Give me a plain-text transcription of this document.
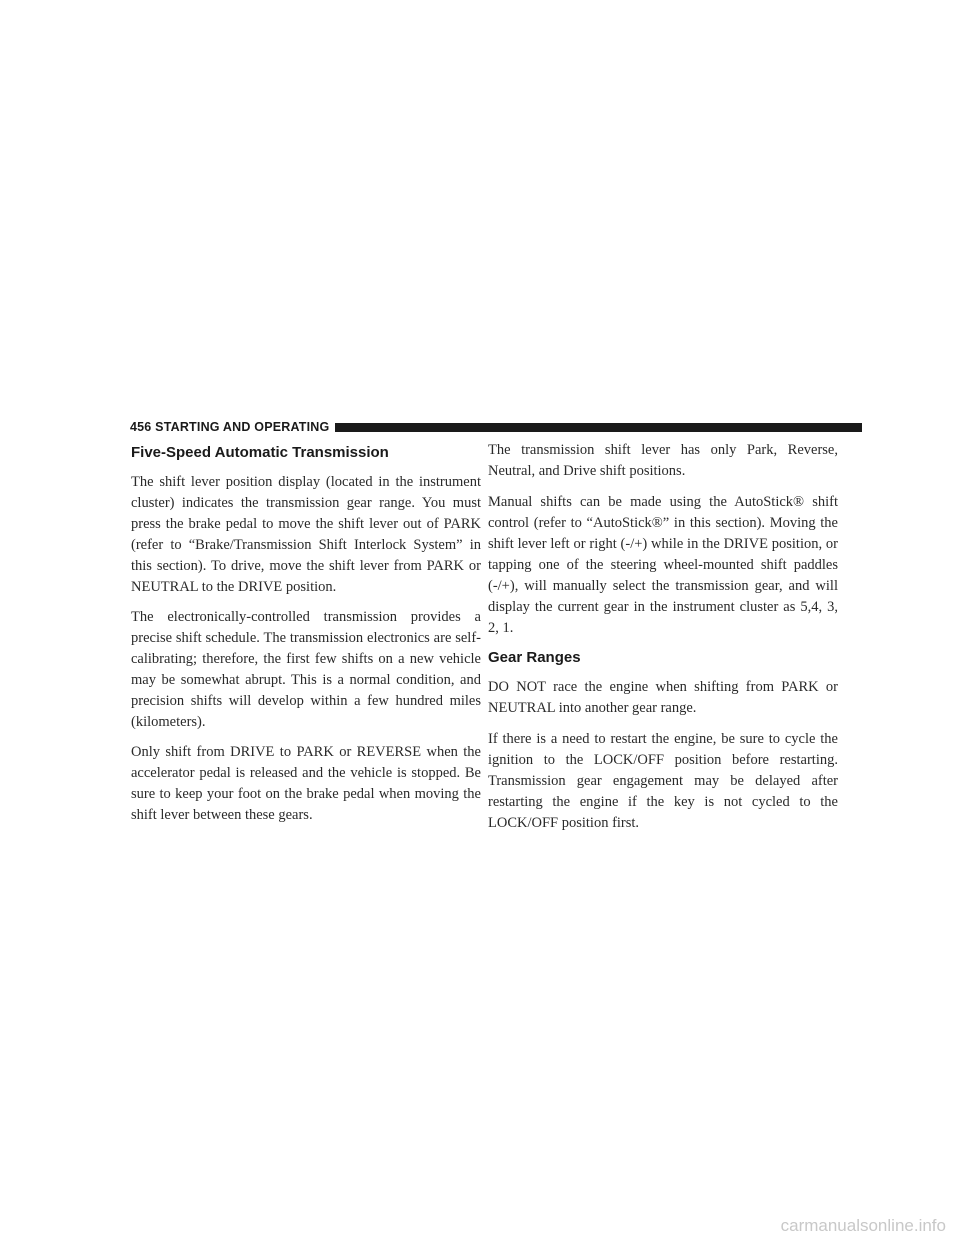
456 STARTING AND OPERATING
Five-Speed Automatic Transmission

The shift lever position display (located in the instrument cluster) indicates the transmission gear range. You must press the brake pedal to move the shift lever out of PARK (refer to “Brake/Transmission Shift Interlock System” in this section). To drive, move the shift lever from PARK or NEUTRAL to the DRIVE position.

The electronically-controlled transmission provides a precise shift schedule. The transmission electronics are self-calibrating; therefore, the first few shifts on a new vehicle may be somewhat abrupt. This is a normal condition, and precision shifts will develop within a few hundred miles (kilometers).

Only shift from DRIVE to PARK or REVERSE when the accelerator pedal is released and the vehicle is stopped. Be sure to keep your foot on the brake pedal when moving the shift lever between these gears.

The transmission shift lever has only Park, Reverse, Neutral, and Drive shift positions.

Manual shifts can be made using the AutoStick® shift control (refer to “AutoStick®” in this section). Moving the shift lever left or right (-/+) while in the DRIVE position, or tapping one of the steering wheel-mounted shift paddles (-/+), will manually select the transmission gear, and will display the current gear in the instrument cluster as 5,4, 3, 2, 1.

Gear Ranges

DO NOT race the engine when shifting from PARK or NEUTRAL into another gear range.

If there is a need to restart the engine, be sure to cycle the ignition to the LOCK/OFF position before restarting. Transmission gear engagement may be delayed after restarting the engine if the key is not cycled to the LOCK/OFF position first.

carmanualsonline.info
